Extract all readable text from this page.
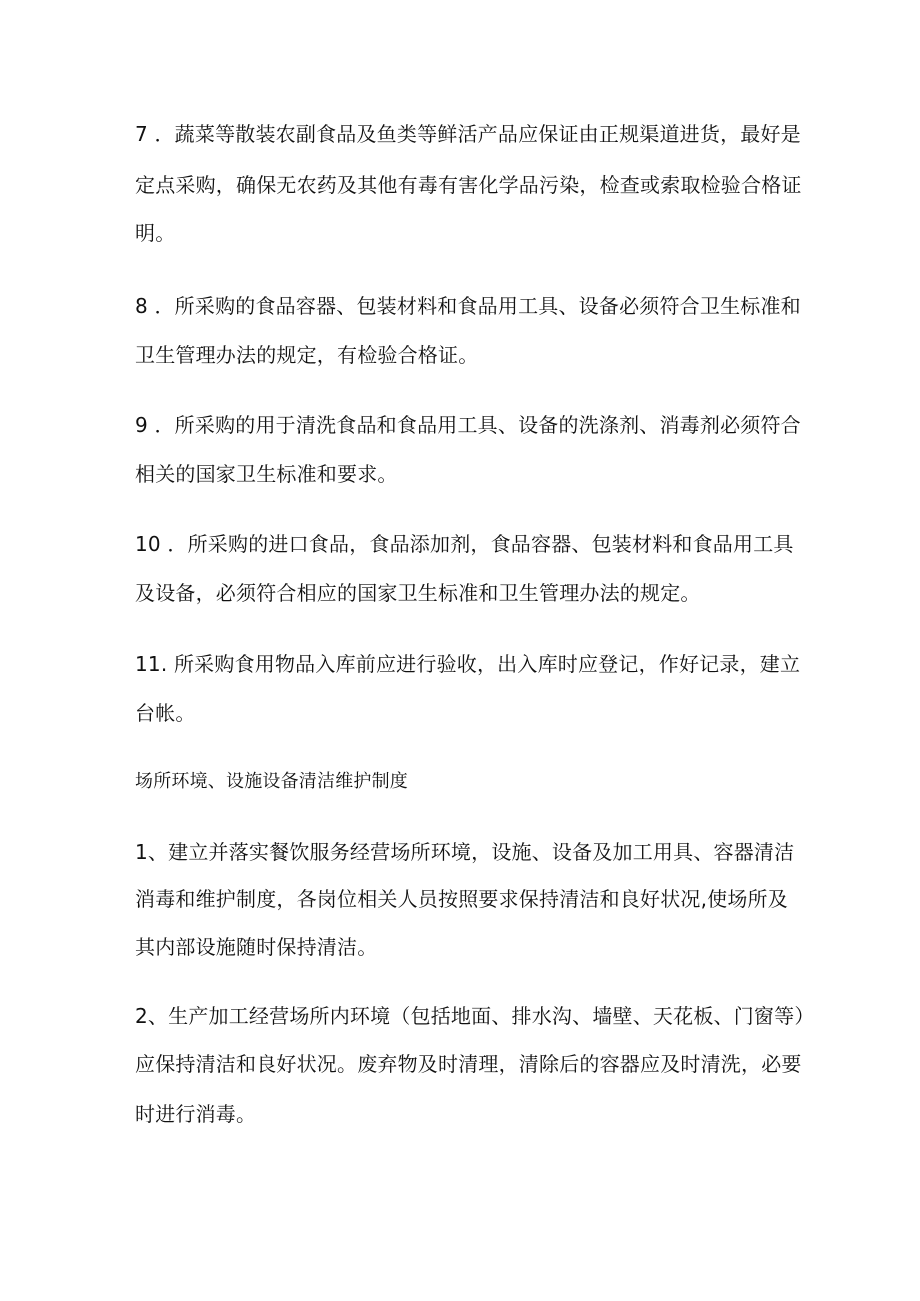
7 ．蔬菜等散装农副食品及鱼类等鲜活产品应保证由正规渠道进货，最好是
定点采购，确保无农药及其他有毒有害化学品污染，检查或索取检验合格证
明。
8 ．所采购的食品容器、包装材料和食品用工具、设备必须符合卫生标准和
卫生管理办法的规定，有检验合格证。
9 ．所采购的用于清洗食品和食品用工具、设备的洗涤剂、消毒剂必须符合
相关的国家卫生标准和要求。
10 ．所采购的进口食品，食品添加剂，食品容器、包装材料和食品用工具
及设备，必须符合相应的国家卫生标准和卫生管理办法的规定。
11. 所采购食用物品入库前应进行验收，出入库时应登记，作好记录，建立
台帐。
场所环境、设施设备清洁维护制度
1、建立并落实餐饮服务经营场所环境，设施、设备及加工用具、容器清洁
消毒和维护制度，各岗位相关人员按照要求保持清洁和良好状况,使场所及
其内部设施随时保持清洁。
2、生产加工经营场所内环境（包括地面、排水沟、墙壁、天花板、门窗等）
应保持清洁和良好状况。废弃物及时清理，清除后的容器应及时清洗，必要
时进行消毒。
